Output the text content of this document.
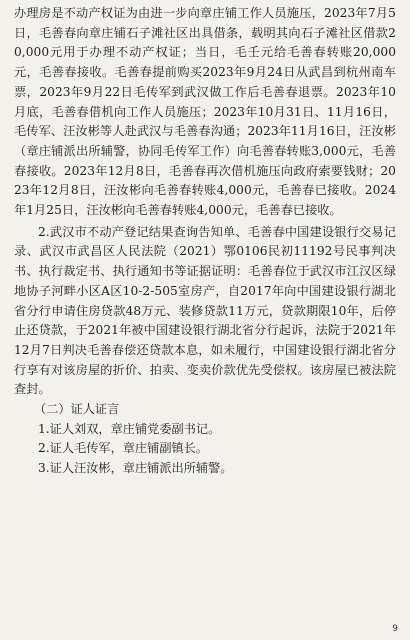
办理房是不动产权证为由进一步向章庄铺工作人员施压，2023年7月5日，毛善春向章庄铺石子滩社区出具借条，载明其向石子滩社区借款20,000元用于办理不动产权证；当日，毛壬元给毛善春转账20,000元，毛善春接收。毛善春提前购买2023年9月24日从武昌到杭州南车票，2023年9月22日毛传军到武汉做工作后毛善春退票。2023年10月底，毛善春借机向工作人员施压；2023年10月31日、11月16日，毛传军、汪汝彬等人赴武汉与毛善春沟通；2023年11月16日，汪汝彬（章庄铺派出所辅警，协同毛传军工作）向毛善春转账3,000元，毛善春接收。2023年12月8日，毛善春再次借机施压向政府索要钱财；2023年12月8日，汪汝彬向毛善春转账4,000元，毛善春已接收。2024年1月25日，汪汝彬向毛善春转账4,000元，毛善春已接收。

2.武汉市不动产登记结果查询告知单、毛善春中国建设银行交易记录、武汉市武昌区人民法院（2021）鄂0106民初11192号民事判决书、执行裁定书、执行通知书等证据证明：毛善春位于武汉市江汉区绿地协子河畔小区A区10-2-505室房产，自2017年向中国建设银行湖北省分行申请住房贷款48万元、装修贷款11万元，贷款期限10年，后停止还贷款，于2021年被中国建设银行湖北省分行起诉，法院于2021年12月7日判决毛善春偿还贷款本息，如未履行，中国建设银行湖北省分行享有对该房屋的折价、拍卖、变卖价款优先受偿权。该房屋已被法院查封。

（二）证人证言

1.证人刘双，章庄铺党委副书记。

2.证人毛传军，章庄铺副镇长。

3.证人汪汝彬，章庄铺派出所辅警。

9
